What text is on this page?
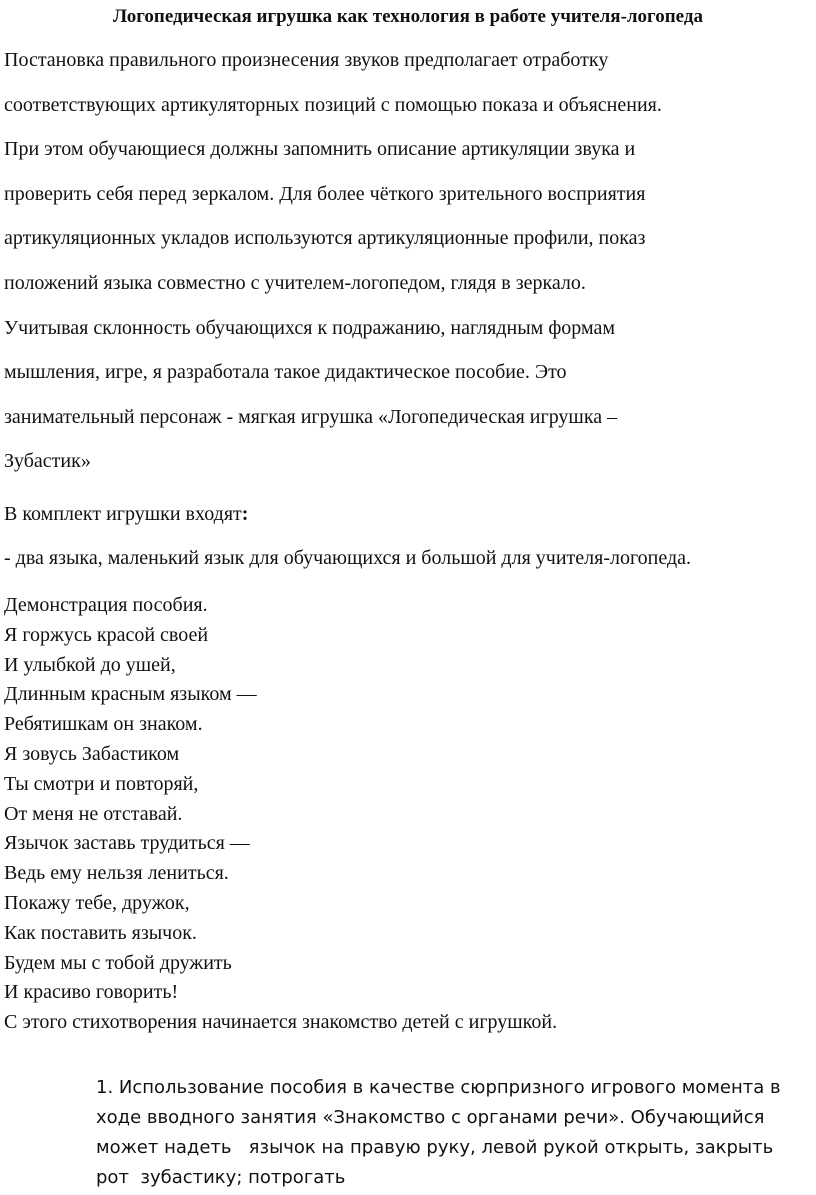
Логопедическая игрушка как технология в работе учителя-логопеда
Постановка правильного произнесения звуков предполагает отработку
соответствующих артикуляторных позиций с помощью показа и объяснения.
При этом обучающиеся должны запомнить описание артикуляции звука и
проверить себя перед зеркалом. Для более чёткого зрительного восприятия
артикуляционных укладов используются артикуляционные профили, показ
положений языка совместно с учителем-логопедом, глядя в зеркало.
Учитывая склонность обучающихся к подражанию, наглядным формам
мышления, игре, я разработала такое дидактическое пособие. Это
занимательный персонаж - мягкая игрушка «Логопедическая игрушка –
Зубастик»
В комплект игрушки входят:
- два языка, маленький язык для обучающихся и большой для учителя-логопеда.
Демонстрация пособия.
Я горжусь красой своей
И улыбкой до ушей,
Длинным красным языком —
Ребятишкам он знаком.
Я зовусь Забастиком
Ты смотри и повторяй,
От меня не отставай.
Язычок заставь трудиться —
Ведь ему нельзя лениться.
Покажу тебе, дружок,
Как поставить язычок.
Будем мы с тобой дружить
И красиво говорить!
С этого стихотворения начинается знакомство детей с игрушкой.
1. Использование пособия в качестве сюрпризного игрового момента в
ходе вводного занятия «Знакомство с органами речи». Обучающийся
может надеть   язычок на правую руку, левой рукой открыть, закрыть
рот  зубастику; потрогать
